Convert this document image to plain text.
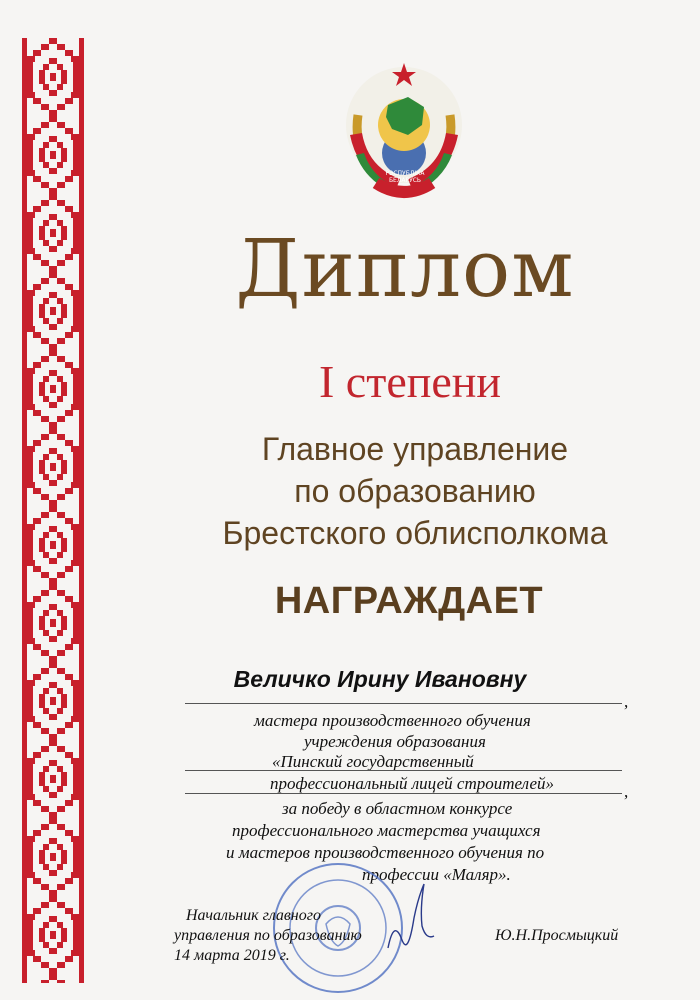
РЭСПУБЛІКА
БЕЛАРУСЬ
Диплом
I степени
Главное управление
по образованию
Брестского облисполкома
НАГРАЖДАЕТ
Величко Ирину Ивановну
,
мастера производственного обучения
учреждения образования
«Пинский государственный
профессиональный лицей строителей»	,
за победу в областном конкурсе
профессионального мастерства учащихся
и мастеров производственного обучения по
профессии «Маляр».
Начальник главного
управления по образованию
14 марта 2019 г.
Ю.Н.Просмыцкий
